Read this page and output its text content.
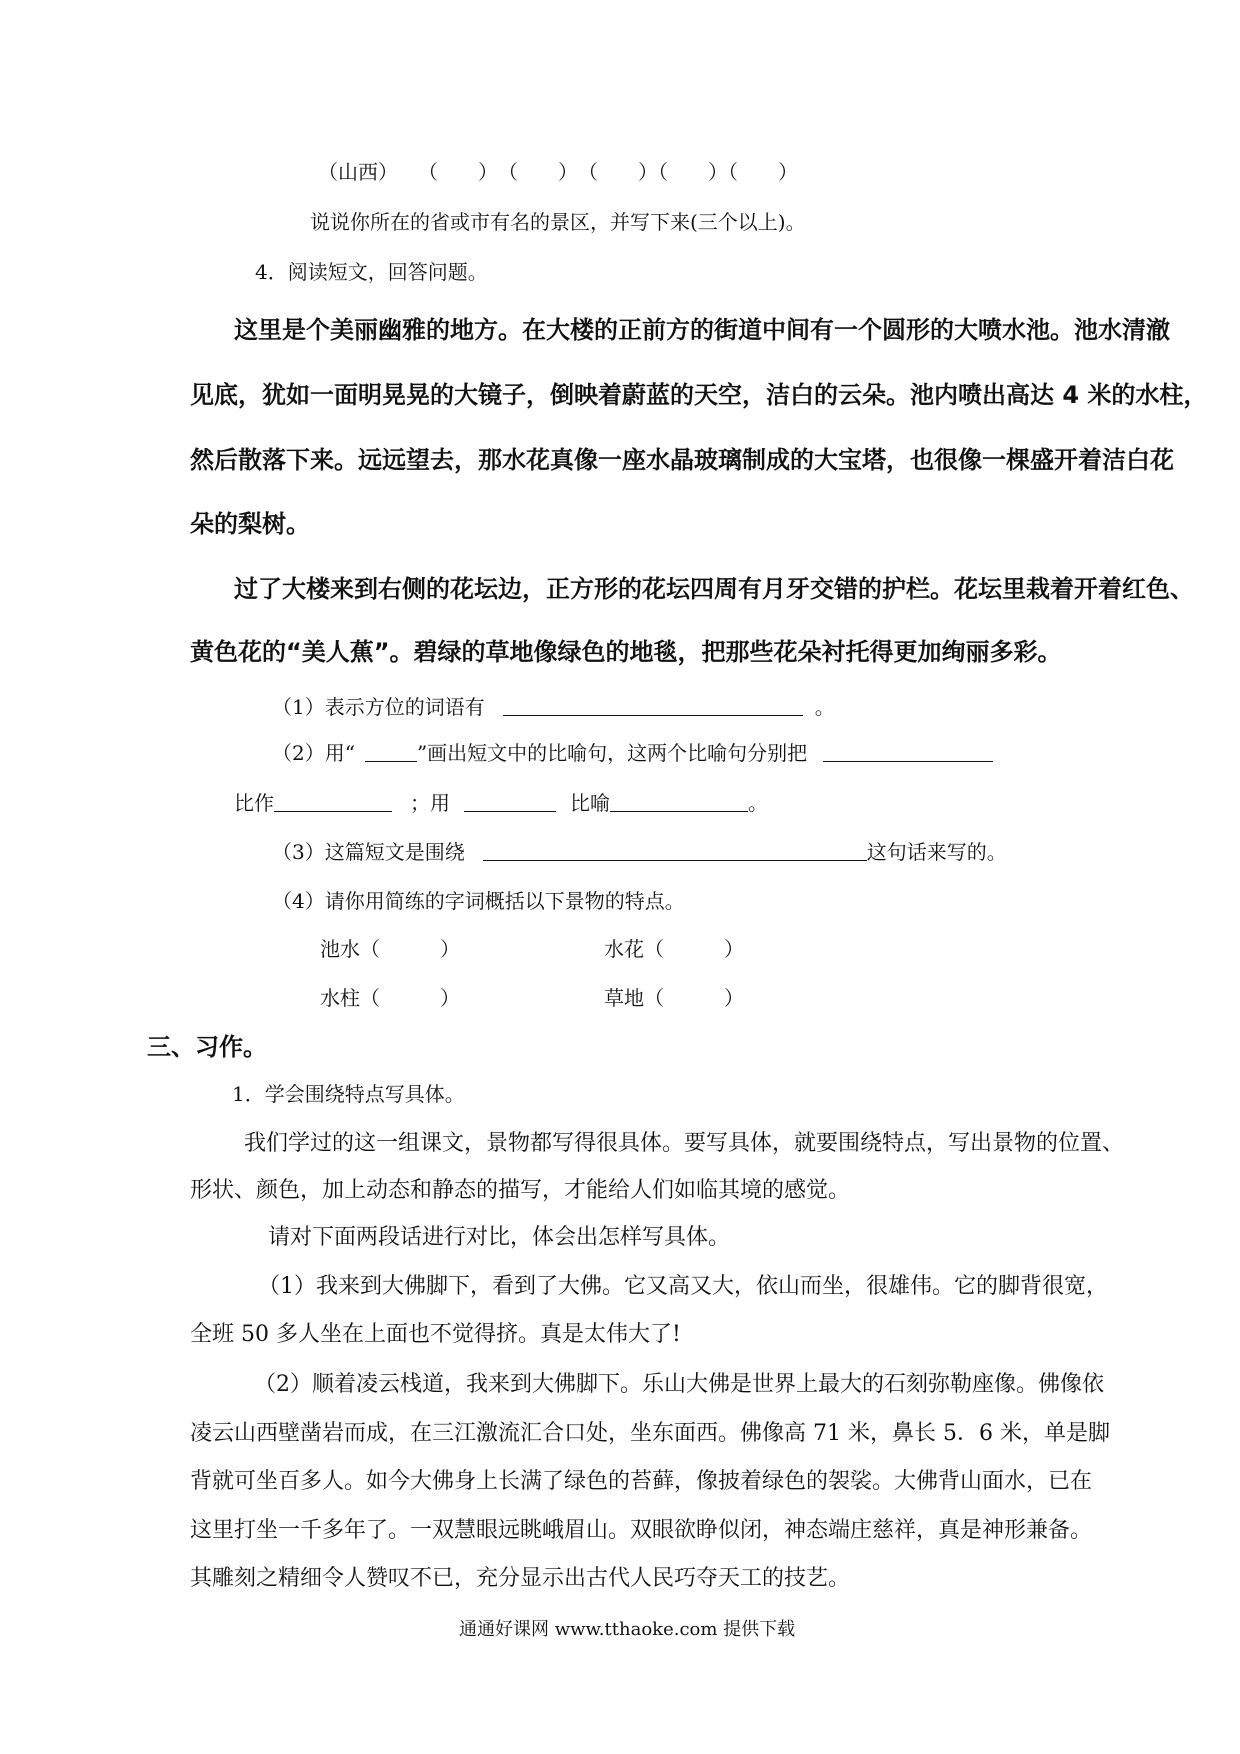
（山西）　　（　　）　（　　）　（　　）（　　）（　　）
说说你所在的省或市有名的景区，并写下来(三个以上)。
4．阅读短文，回答问题。
这里是个美丽幽雅的地方。在大楼的正前方的街道中间有一个圆形的大喷水池。池水清澈
见底，犹如一面明晃晃的大镜子，倒映着蔚蓝的天空，洁白的云朵。池内喷出高达 4 米的水柱，
然后散落下来。远远望去，那水花真像一座水晶玻璃制成的大宝塔，也很像一棵盛开着洁白花
朵的梨树。
过了大楼来到右侧的花坛边，正方形的花坛四周有月牙交错的护栏。花坛里栽着开着红色、
黄色花的“美人蕉”。碧绿的草地像绿色的地毯，把那些花朵衬托得更加绚丽多彩。
（1）表示方位的词语有	。
（2）用“	”画出短文中的比喻句，这两个比喻句分别把
比作	；用	比喻	。
（3）这篇短文是围绕	这句话来写的。
（4）请你用简练的字词概括以下景物的特点。
池水（　　　）	水花（　　　）
水柱（　　　）	草地（　　　）
三、习作。
1．学会围绕特点写具体。
我们学过的这一组课文，景物都写得很具体。要写具体，就要围绕特点，写出景物的位置、
形状、颜色，加上动态和静态的描写，才能给人们如临其境的感觉。
请对下面两段话进行对比，体会出怎样写具体。
（1）我来到大佛脚下，看到了大佛。它又高又大，依山而坐，很雄伟。它的脚背很宽，
全班 50 多人坐在上面也不觉得挤。真是太伟大了!
（2）顺着凌云栈道，我来到大佛脚下。乐山大佛是世界上最大的石刻弥勒座像。佛像依
凌云山西壁凿岩而成，在三江激流汇合口处，坐东面西。佛像高 71 米，鼻长 5．6 米，单是脚
背就可坐百多人。如今大佛身上长满了绿色的苔藓，像披着绿色的袈裟。大佛背山面水，已在
这里打坐一千多年了。一双慧眼远眺峨眉山。双眼欲睁似闭，神态端庄慈祥，真是神形兼备。
其雕刻之精细令人赞叹不已，充分显示出古代人民巧夺天工的技艺。
通通好课网 www.tthaoke.com 提供下载
